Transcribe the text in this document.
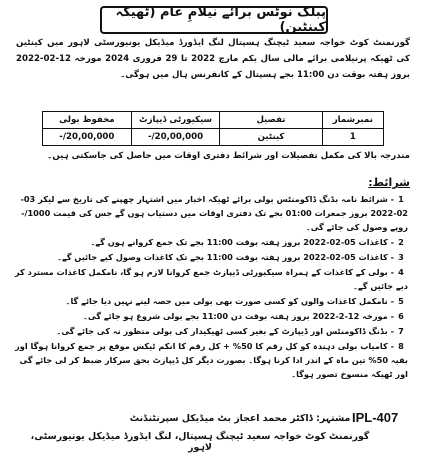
پبلک نوٹس برائے نیلامِ عام (ٹھیکہ کینٹین)
گورنمنٹ کوٹ خواجہ سعید ٹیچنگ ہسپتال لنگ ایڈورڈ میڈیکل یونیورسٹی لاہور میں کینٹین کی ٹھیکہ پرنیلامی برائے مالی سال یکم مارچ 2022 تا 29 فروری 2024 مورخہ 12-02-2022 بروز ہفتہ بوقت دن 11:00 بجے ہسپتال کے کانفرنس ہال میں ہوگی۔
نمبرشمار	تفصیل	سیکیورٹی ڈیپازٹ	مخفوظ بولی
1	کینٹین	20,00,000/-	20,00,000/-
مندرجہ بالا کی مکمل تفصیلات اور شرائط دفتری اوقات میں حاصل کی جاسکتی ہیں۔
شرائط:
1- شرائط نامہ بڈنگ ڈاکومنٹس بولی برائے ٹھیکہ اخبار میں اشتہار چھپنے کی تاریخ سے لیکر 03-02-2022 بروز جمعرات 01:00 بجے تک دفتری اوقات میں دستیاب ہوں گے جس کی قیمت 1000/- روپے وصول کی جائے گی۔
2- کاغذات 05-02-2022 بروز ہفتہ بوقت 11:00 بجے تک جمع کروانے ہوں گے۔
3- کاغذات 05-02-2022 بروز ہفتہ بوقت 11:00 بجے تک کاغذات وصول کیے جائیں گے۔
4- بولی کے کاغذات کے ہمراہ سیکیورٹی ڈیپازٹ جمع کروانا لازم ہو گا، نامکمل کاغذات مسترد کر دیے جائیں گے۔
5- نامکمل کاغذات والوں کو کسی صورت بھی بولی میں حصہ لینے نہیں دیا جائے گا۔
6- مورخہ 12-2-2022 بروز ہفتہ بوقت دن 11:00 بجے بولی شروع ہو جائے گی۔
7- بڈنگ ڈاکومنٹس اور ڈیپازٹ کے بغیر کسی ٹھیکیدار کی بولی منظور نہ کی جائے گی۔
8- کامیاب بولی دہندہ کو کل رقم کا 50% + کل رقم کا انکم ٹیکس موقع پر جمع کروانا ہوگا اور بقیہ 50% تین ماہ کے اندر ادا کرنا ہوگا۔ بصورت دیگر کل ڈیپازٹ بحق سرکار ضبط کر لی جائے گی اور ٹھیکہ منسوخ تصور ہوگا۔
IPL-407
مشتہر: ڈاکٹر محمد اعجاز بٹ میڈیکل سپرنٹنڈنٹ
گورنمنٹ کوٹ خواجہ سعید ٹیچنگ ہسپتال، لنگ ایڈورڈ میڈیکل یونیورسٹی، لاہور
